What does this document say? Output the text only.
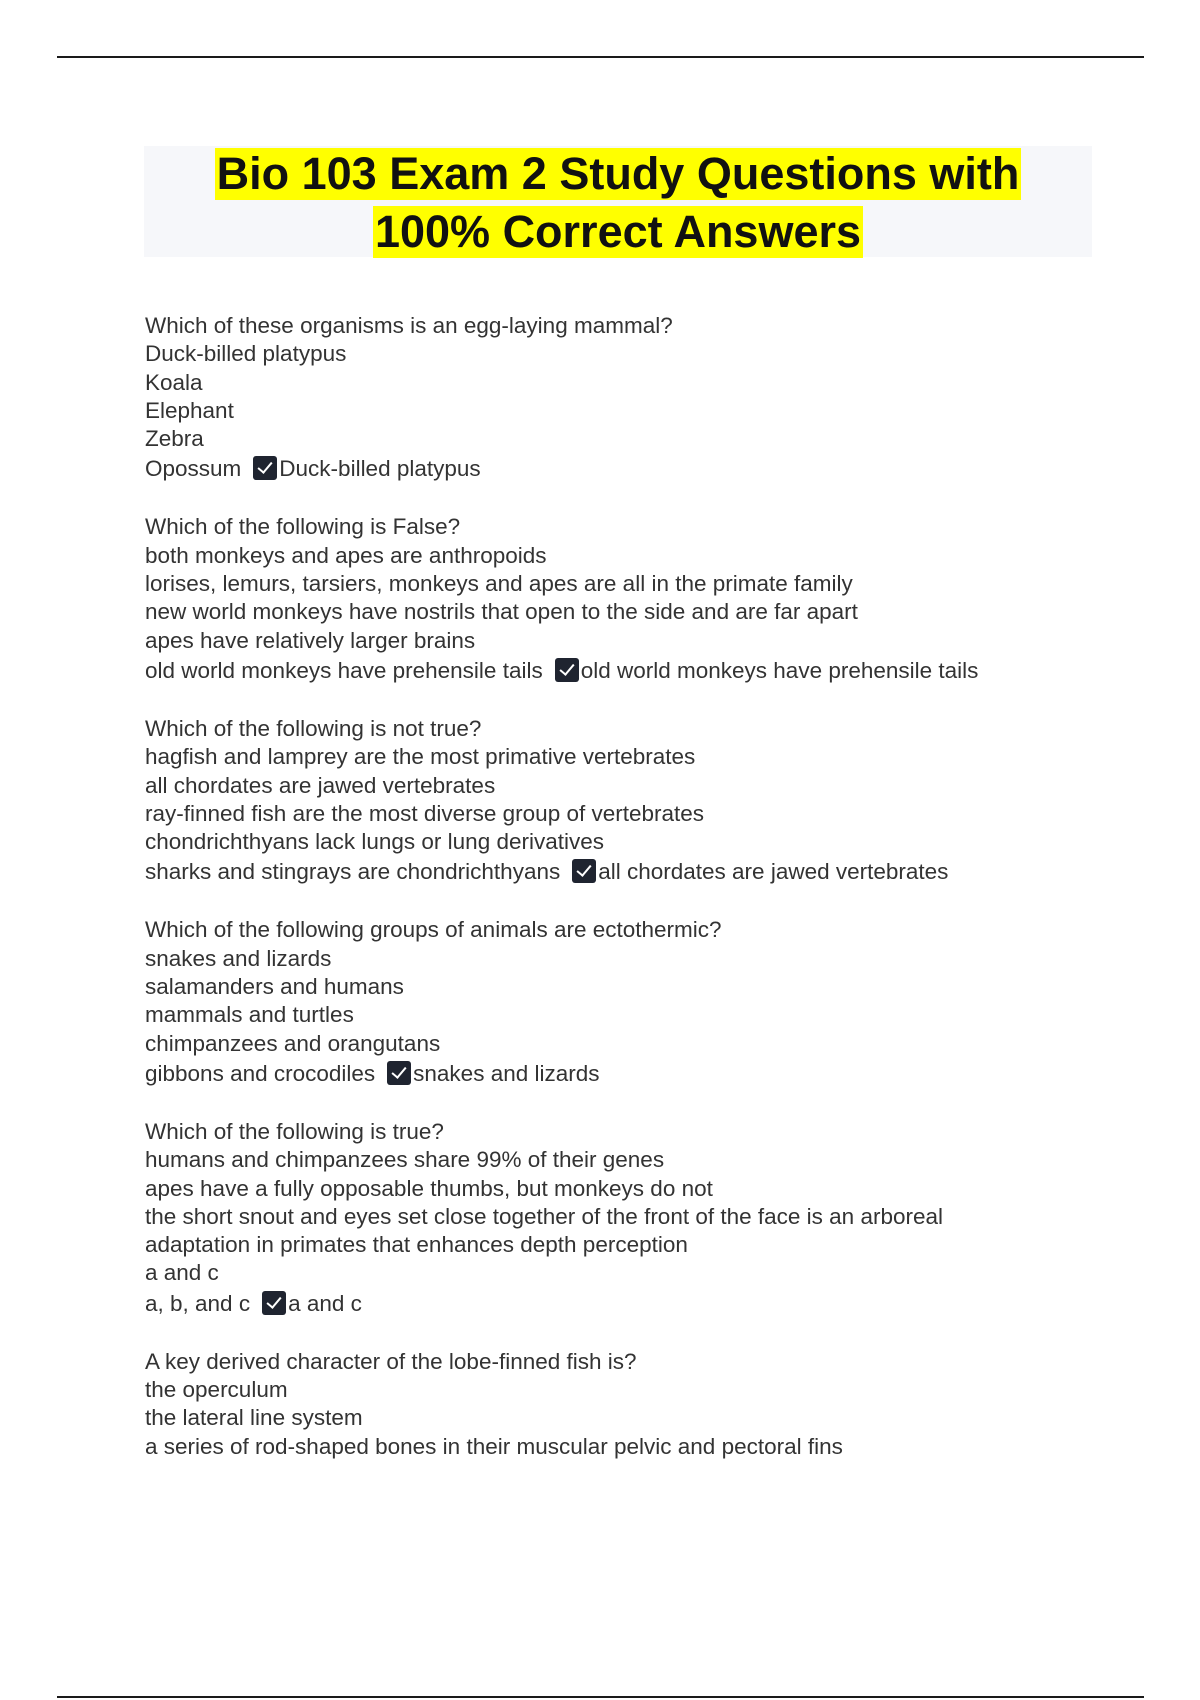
Bio 103 Exam 2 Study Questions with
100% Correct Answers
Which of these organisms is an egg-laying mammal?
Duck-billed platypus
Koala
Elephant
Zebra
Opossum Duck-billed platypus
Which of the following is False?
both monkeys and apes are anthropoids
lorises, lemurs, tarsiers, monkeys and apes are all in the primate family
new world monkeys have nostrils that open to the side and are far apart
apes have relatively larger brains
old world monkeys have prehensile tails old world monkeys have prehensile tails
Which of the following is not true?
hagfish and lamprey are the most primative vertebrates
all chordates are jawed vertebrates
ray-finned fish are the most diverse group of vertebrates
chondrichthyans lack lungs or lung derivatives
sharks and stingrays are chondrichthyans all chordates are jawed vertebrates
Which of the following groups of animals are ectothermic?
snakes and lizards
salamanders and humans
mammals and turtles
chimpanzees and orangutans
gibbons and crocodiles snakes and lizards
Which of the following is true?
humans and chimpanzees share 99% of their genes
apes have a fully opposable thumbs, but monkeys do not
the short snout and eyes set close together of the front of the face is an arboreal
adaptation in primates that enhances depth perception
a and c
a, b, and c a and c
A key derived character of the lobe-finned fish is?
the operculum
the lateral line system
a series of rod-shaped bones in their muscular pelvic and pectoral fins
